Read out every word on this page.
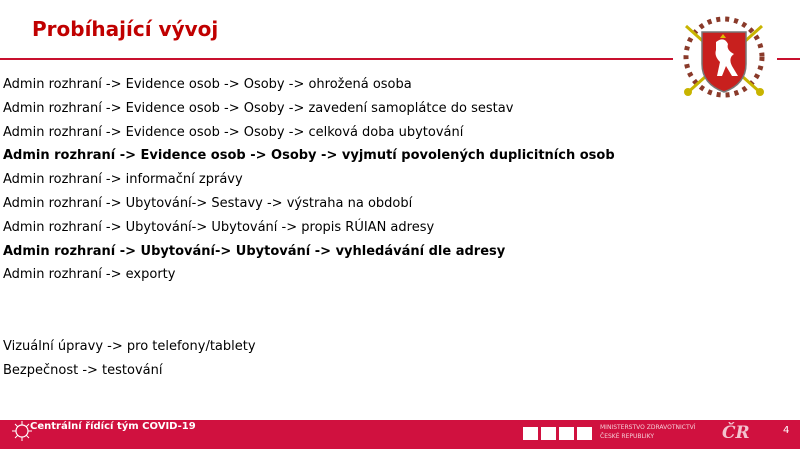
Probíhající vývoj
Admin rozhraní -> Evidence osob -> Osoby -> ohrožená osoba
Admin rozhraní -> Evidence osob -> Osoby -> zavedení samoplátce do sestav
Admin rozhraní -> Evidence osob -> Osoby -> celková doba ubytování
Admin rozhraní -> Evidence osob -> Osoby -> vyjmutí povolených duplicitních osob
Admin rozhraní -> informační zprávy
Admin rozhraní -> Ubytování-> Sestavy -> výstraha na období
Admin rozhraní -> Ubytování-> Ubytování -> propis RÚIAN adresy
Admin rozhraní -> Ubytování-> Ubytování -> vyhledávání dle adresy
Admin rozhraní -> exporty
Vizuální úpravy -> pro telefony/tablety
Bezpečnost -> testování
Centrální řídící tým COVID-19	MINISTERSTVO ZDRAVOTNICTVÍ
ČESKÉ REPUBLIKY	ČR	4
